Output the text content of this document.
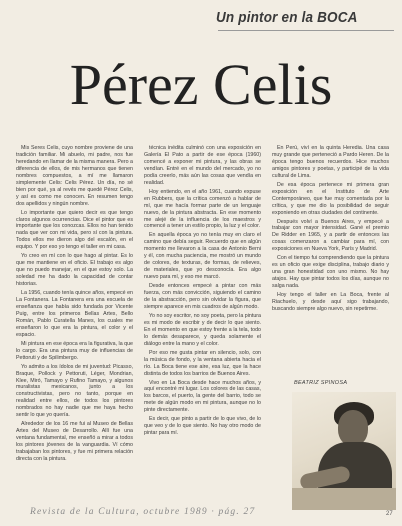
Un pintor en la BOCA
Pérez Celis

Mis Seres Celis, cuyo nombre proviene de una tradición familiar. Mi abuelo, mi padre, nos fue heredando en llamar de la misma manera. Pero a diferencia de ellos, de mis hermanos que tienen nombres compuestos, a mí me llamaron simplemente Celis: Celis Pérez. Un día, no sé bien por qué, ya al revés me quedé Pérez Celis, y así es como me conocen. En resumen tengo dos apellidos y ningún nombre.

Lo importante que quiero decir es que tengo claros algunos ocurrencias. Dice el pintor que es importante que los conozcas. Ellos no han tenido nada que ver con mi vida, pero sí con la pintura. Todos ellos me dieron algo del escalón, en el equipo. Y por eso yo tengo el taller en mi casa.

Yo creo en mí con lo que hago al pintar. Es lo que me mantiene en el oficio. El trabajo es algo que no puedo manejar, en el que estoy solo. La soledad me ha dado la capacidad de contar historias.

La 1956, cuando tenía quince años, empecé en La Fontanera. La Fontanera era una escuela de enseñanza que había sido fundada por Vicente Puig, entre los primeros Bellas Artes, Bello Román, Pablo Curatella Manes, los cuales me enseñaron lo que era la pintura, el color y el espacio.

Mi pintura en ese época era la figurativa, la que lo cargo. Era una pintura muy de influencias de Pettoruti y de Spilimbergo.

Yo admito a los ídolos de mi juventud: Picasso, Braque, Pollock y Pettoruti, Léger, Mondrian, Klee, Miró, Tamayo y Rufino Tamayo, y algunos muralistas mexicanos, junto a los constructivistas, pero no tanto, porque en realidad entre ellos, de todos los pintores nombrados no hay nadie que me haya hecho sentir lo que yo quería.

Alrededor de los 16 me fui al Museo de Bellas Artes del Museo de Desarrollo. Allí fue una ventana fundamental, me enseñó a mirar a todos los pintores jóvenes de la vanguardia. Ví cómo trabajaban los pintores, y fue mi primera relación directa con la pintura.

técnica inédita culminó con una exposición en Galería El Pato a partir de ese época (1960) comencé a exponer mi pintura, y las obras se vendían. Entré en el mundo del mercado, yo no podía creerlo, más aún las cosas que vendía en realidad.

Hoy entiendo, en el año 1961, cuando expuse en Rubbers, que la crítica comenzó a hablar de mí, que me hacía formar parte de un lenguaje nuevo, de la pintura abstracta. En ese momento me alejé de la influencia de los maestros y comencé a tener un estilo propio, la luz y el color.

En aquella época yo no tenía muy en claro el camino que debía seguir. Recuerdo que en algún momento me llevaron a la casa de Antonio Berni y él, con mucha paciencia, me mostró un mundo de colores, de texturas, de formas, de relieves, de materiales, que yo desconocía. Era algo nuevo para mí, y eso me marcó.

Desde entonces empecé a pintar con más fuerza, con más convicción, siguiendo el camino de la abstracción, pero sin olvidar la figura, que siempre aparece en mis cuadros de algún modo.

Yo no soy escritor, no soy poeta, pero la pintura es mi modo de escribir y de decir lo que siento. En el momento en que estoy frente a la tela, todo lo demás desaparece, y queda solamente el diálogo entre la mano y el color.

Por eso me gusta pintar en silencio, solo, con la música de fondo, y la ventana abierta hacia el río. La Boca tiene ese aire, esa luz, que la hace distinta de todos los barrios de Buenos Aires.

Vivo en La Boca desde hace muchos años, y aquí encontré mi lugar. Los colores de las casas, los barcos, el puerto, la gente del barrio, todo se mete de algún modo en mi pintura, aunque no lo pinte directamente.

Es decir, que pinto a partir de lo que vivo, de lo que veo y de lo que siento. No hay otro modo de pintar para mí.

En Perú, viví en la quinta Heredia. Una casa muy grande que perteneció a Pardo Heren. De la época tengo buenos recuerdos. Hice muchos amigos pintores y poetas, y participé de la vida cultural de Lima.

De esa época pertenece mi primera gran exposición en el Instituto de Arte Contemporáneo, que fue muy comentada por la crítica, y que me dio la posibilidad de seguir exponiendo en otras ciudades del continente.

Después volví a Buenos Aires, y empecé a trabajar con mayor intensidad. Gané el premio De Ridder en 1965, y a partir de entonces las cosas comenzaron a cambiar para mí, con exposiciones en Nueva York, París y Madrid.

Con el tiempo fui comprendiendo que la pintura es un oficio que exige disciplina, trabajo diario y una gran honestidad con uno mismo. No hay atajos. Hay que pintar todos los días, aunque no salga nada.

Hoy tengo el taller en La Boca, frente al Riachuelo, y desde aquí sigo trabajando, buscando siempre algo nuevo, sin repetirme.

BEATRIZ SPINOSA
Revista de la Cultura, octubre 1989 · pág. 27	27
